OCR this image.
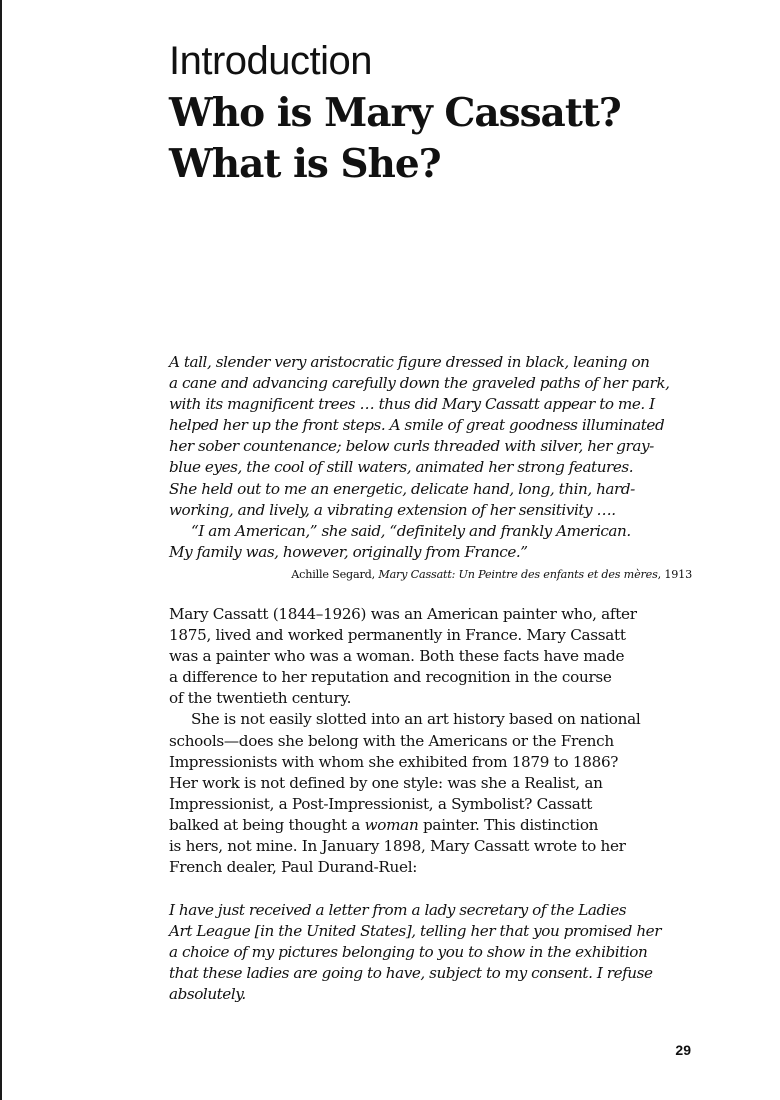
Introduction
Who is Mary Cassatt?
What is She?
A tall, slender very aristocratic figure dressed in black, leaning on
a cane and advancing carefully down the graveled paths of her park,
with its magnificent trees … thus did Mary Cassatt appear to me. I
helped her up the front steps. A smile of great goodness illuminated
her sober countenance; below curls threaded with silver, her gray-
blue eyes, the cool of still waters, animated her strong features.
She held out to me an energetic, delicate hand, long, thin, hard-
working, and lively, a vibrating extension of her sensitivity ….
“I am American,” she said, “definitely and frankly American.
My family was, however, originally from France.”
Achille Segard, Mary Cassatt: Un Peintre des enfants et des mères, 1913
Mary Cassatt (1844–1926) was an American painter who, after
1875, lived and worked permanently in France. Mary Cassatt
was a painter who was a woman. Both these facts have made
a difference to her reputation and recognition in the course
of the twentieth century.
She is not easily slotted into an art history based on national
schools—does she belong with the Americans or the French
Impressionists with whom she exhibited from 1879 to 1886?
Her work is not defined by one style: was she a Realist, an
Impressionist, a Post-Impressionist, a Symbolist? Cassatt
balked at being thought a woman painter. This distinction
is hers, not mine. In January 1898, Mary Cassatt wrote to her
French dealer, Paul Durand-Ruel:
I have just received a letter from a lady secretary of the Ladies
Art League [in the United States], telling her that you promised her
a choice of my pictures belonging to you to show in the exhibition
that these ladies are going to have, subject to my consent. I refuse
absolutely.
29
